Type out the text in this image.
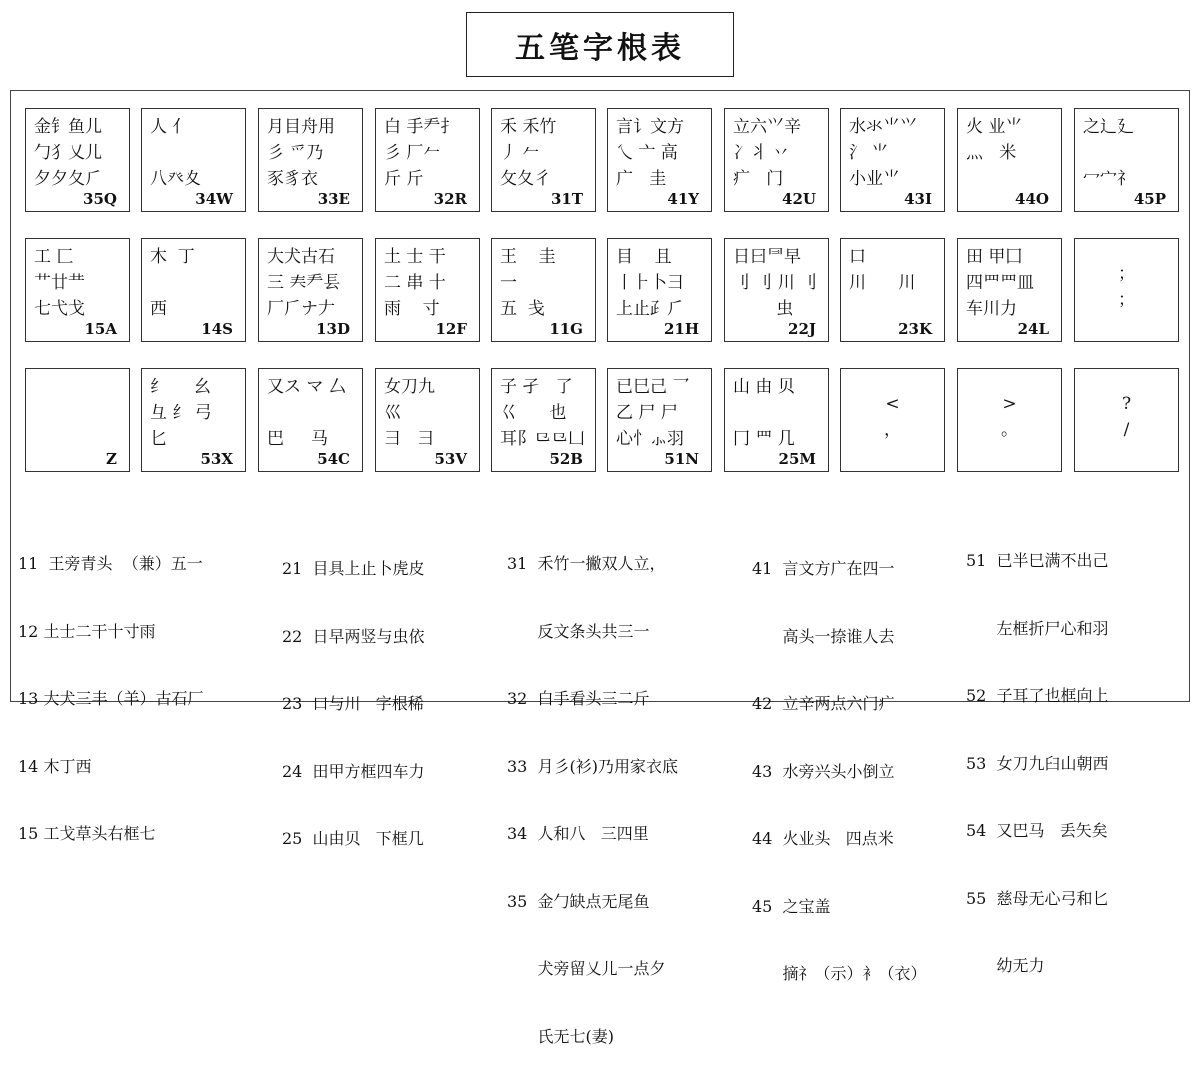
五笔字根表
金钅鱼儿
勹犭乂儿
夕夕夂⺁
35Q
人 亻
八癶夊
34W
月目舟用
彡 爫乃
豕豸衣
33E
白 手龵扌
彡 厂𠂉
斤 斤
32R
禾 禾竹
丿 𠂉
攵夂彳
31T
言讠文方
乀 亠 高
广   圭
41Y
立六⺍辛
冫丬 丷
疒   门
42U
水氺⺌⺍
氵 ⺌
小业⺌
43I
火 业⺌
灬   米
44O
之辶廴
冖宀礻
45P
工 匚
艹廿龷
七弋戈
15A
木  丁
西
14S
大犬古石
三 𡗗龵镸
厂𠂆ナ𠂇
13D
土 士 干
二 串 十
雨    寸
12F
王    圭
一
五  戋
11G
目    且
丨⺊卜⺕
上止⺪⺁
21H
日曰⺜早
刂 刂 川 刂
虫
22J
口
川      川
23K
田 甲囗
四罒罒皿
车川力
24L
；
；
Z
纟     幺
彑 纟 弓
匕
53X
又ス マ 厶
巴     马
54C
女刀九
巛
彐   ⺕
53V
子 孑   了
巜      也
耳阝⺋⺋凵
52B
已巳己 乛
乙 尸 尸
心忄⺗羽
51N
山 由 贝
冂 罒 几
25M
<
，
>
。
?
/

11  王旁青头  （兼）五一

12 土士二干十寸雨

13 大犬三丰（羊）古石厂

14 木丁西

15 工戈草头右框七

21  目具上止卜虎皮

22  日早两竖与虫依

23  口与川   字根稀

24  田甲方框四车力

25  山由贝   下框几

31  禾竹一撇双人立，

反文条头共三一

32  白手看头三二斤

33  月彡(衫)乃用家衣底

34  人和八   三四里

35  金勹缺点无尾鱼

犬旁留乂儿一点夕

氏无七(妻)

41  言文方广在四一

高头一捺谁人去

42  立辛两点六门疒

43  水旁兴头小倒立

44  火业头   四点米

45  之宝盖

摘礻（示）衤（衣）

51  已半巳满不出己

左框折尸心和羽

52  子耳了也框向上

53  女刀九臼山朝西

54  又巴马   丢矢矣

55  慈母无心弓和匕

幼无力
